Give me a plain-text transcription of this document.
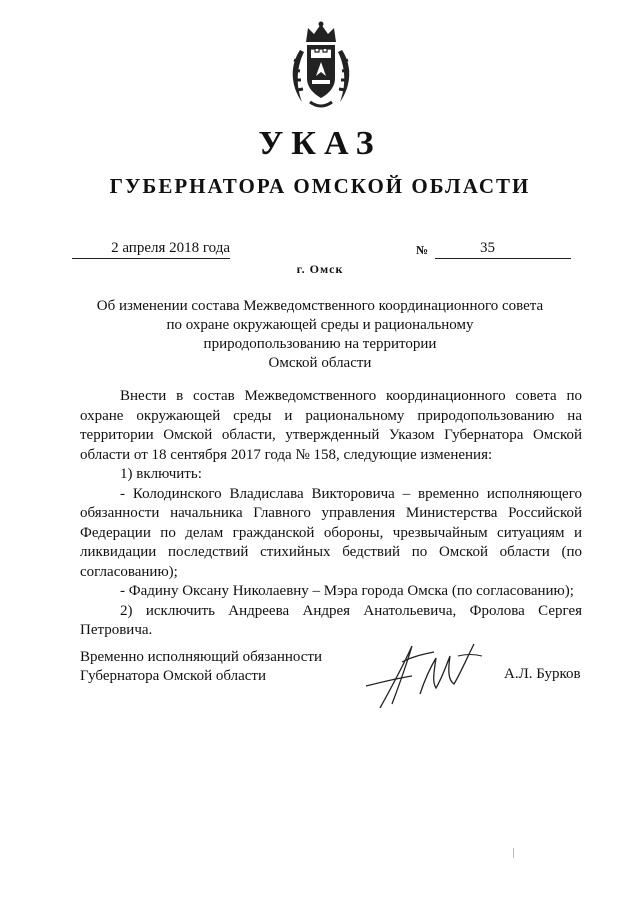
УКАЗ
ГУБЕРНАТОРА ОМСКОЙ ОБЛАСТИ
2 апреля 2018 года	№	35
г. Омск
Об изменении состава Межведомственного координационного совета
по охране окружающей среды и рациональному
природопользованию на территории
Омской области

Внести в состав Межведомственного координационного совета по охране окружающей среды и рациональному природопользованию на территории Омской области, утвержденный Указом Губернатора Омской области от 18 сентября 2017 года № 158, следующие изменения:

1) включить:

- Колодинского Владислава Викторовича – временно исполняющего обязанности начальника Главного управления Министерства Российской Федерации по делам гражданской обороны, чрезвычайным ситуациям и ликвидации последствий стихийных бедствий по Омской области (по согласованию);

- Фадину Оксану Николаевну – Мэра города Омска (по согласованию);

2) исключить Андреева Андрея Анатольевича, Фролова Сергея Петровича.

Временно исполняющий обязанности
Губернатора Омской области	А.Л. Бурков
